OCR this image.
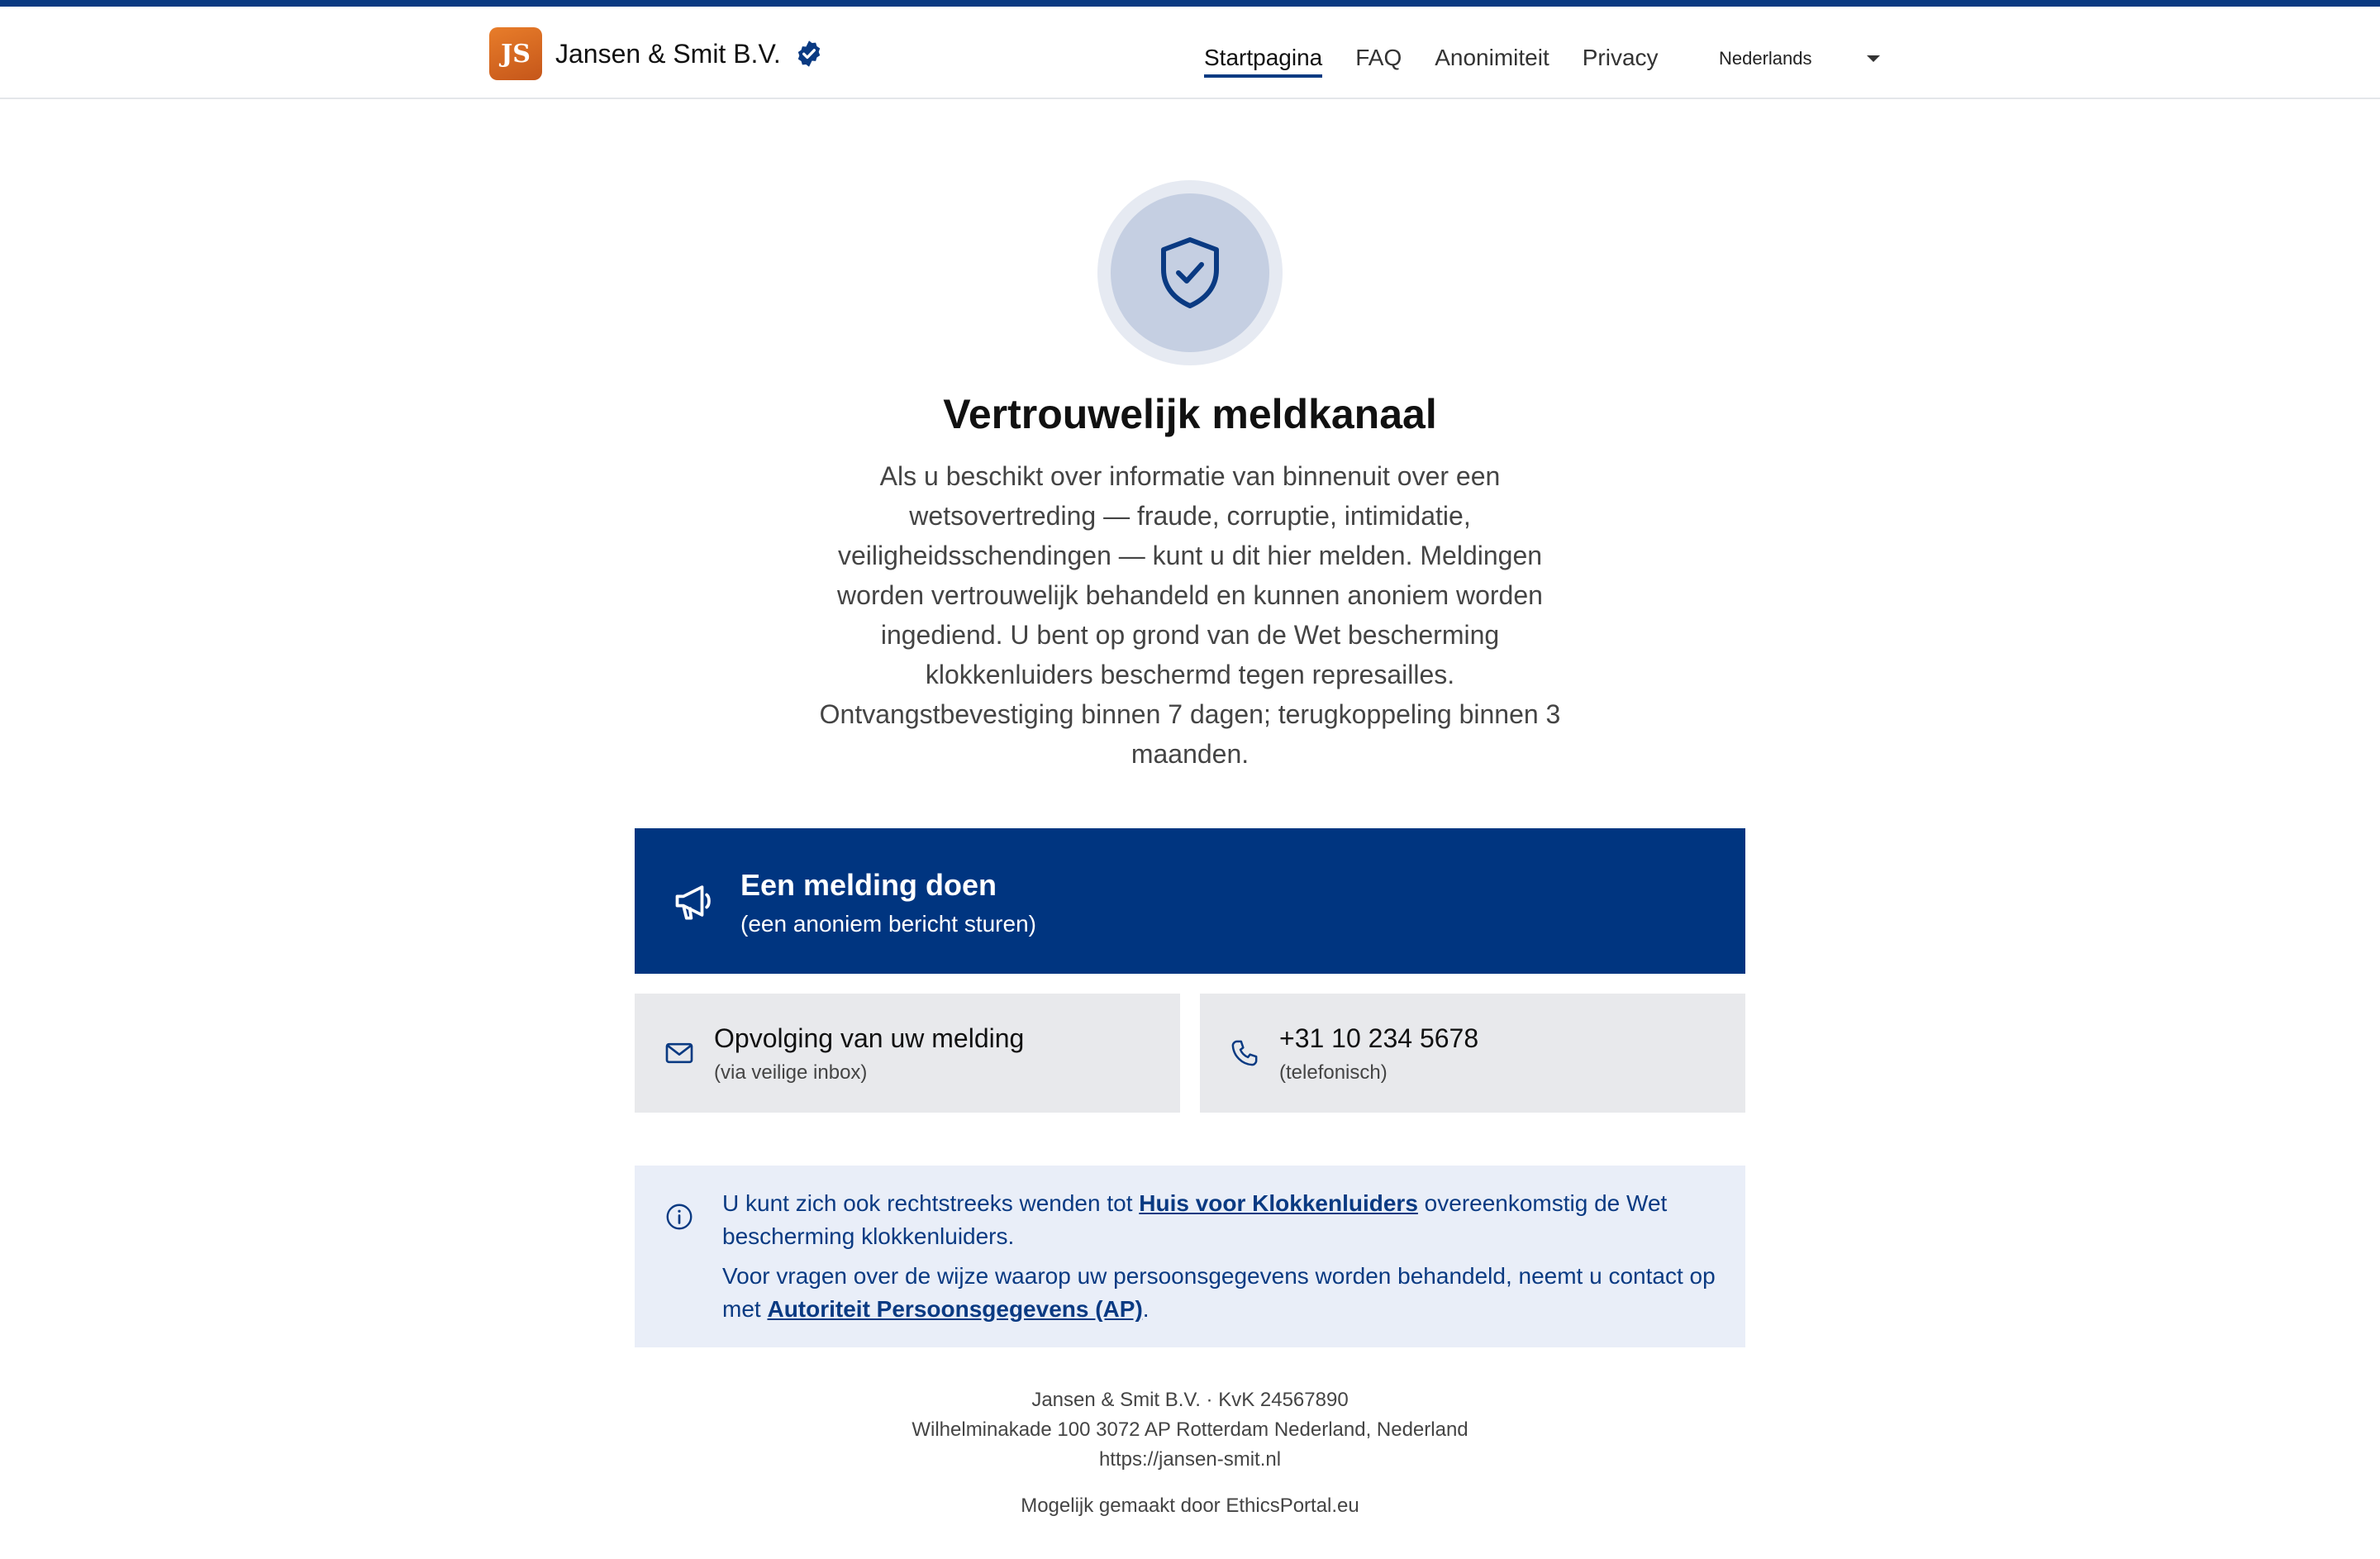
JS Jansen & Smit B.V.	Startpagina FAQ Anonimiteit Privacy	Nederlands
Vertrouwelijk meldkanaal
Als u beschikt over informatie van binnenuit over een wetsovertreding — fraude, corruptie, intimidatie, veiligheidsschendingen — kunt u dit hier melden. Meldingen worden vertrouwelijk behandeld en kunnen anoniem worden ingediend. U bent op grond van de Wet bescherming klokkenluiders beschermd tegen represailles. Ontvangstbevestiging binnen 7 dagen; terugkoppeling binnen 3 maanden.
Een melding doen
(een anoniem bericht sturen)
Opvolging van uw melding
(via veilige inbox)
+31 10 234 5678
(telefonisch)

U kunt zich ook rechtstreeks wenden tot Huis voor Klokkenluiders overeenkomstig de Wet bescherming klokkenluiders.

Voor vragen over de wijze waarop uw persoonsgegevens worden behandeld, neemt u contact op met Autoriteit Persoonsgegevens (AP).

Jansen & Smit B.V. · KvK 24567890
Wilhelminakade 100 3072 AP Rotterdam Nederland, Nederland
https://jansen-smit.nl
Mogelijk gemaakt door EthicsPortal.eu
